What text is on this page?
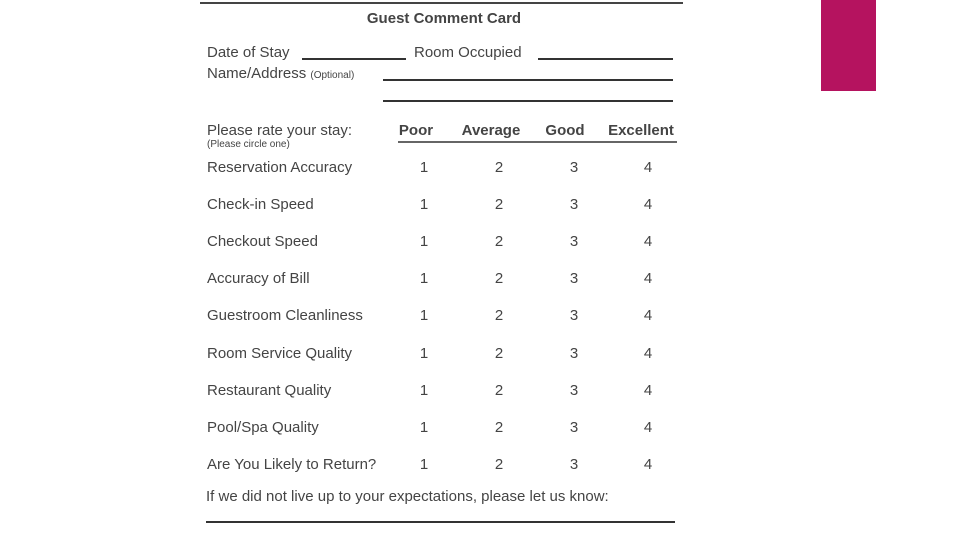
Guest Comment Card
Date of Stay	Room Occupied
Name/Address (Optional)
Please rate your stay:
(Please circle one)
Poor	Average	Good	Excellent
Reservation Accuracy	1	2	3	4
Check-in Speed	1	2	3	4
Checkout Speed	1	2	3	4
Accuracy of Bill	1	2	3	4
Guestroom Cleanliness	1	2	3	4
Room Service Quality	1	2	3	4
Restaurant Quality	1	2	3	4
Pool/Spa Quality	1	2	3	4
Are You Likely to Return?	1	2	3	4
If we did not live up to your expectations, please let us know:
